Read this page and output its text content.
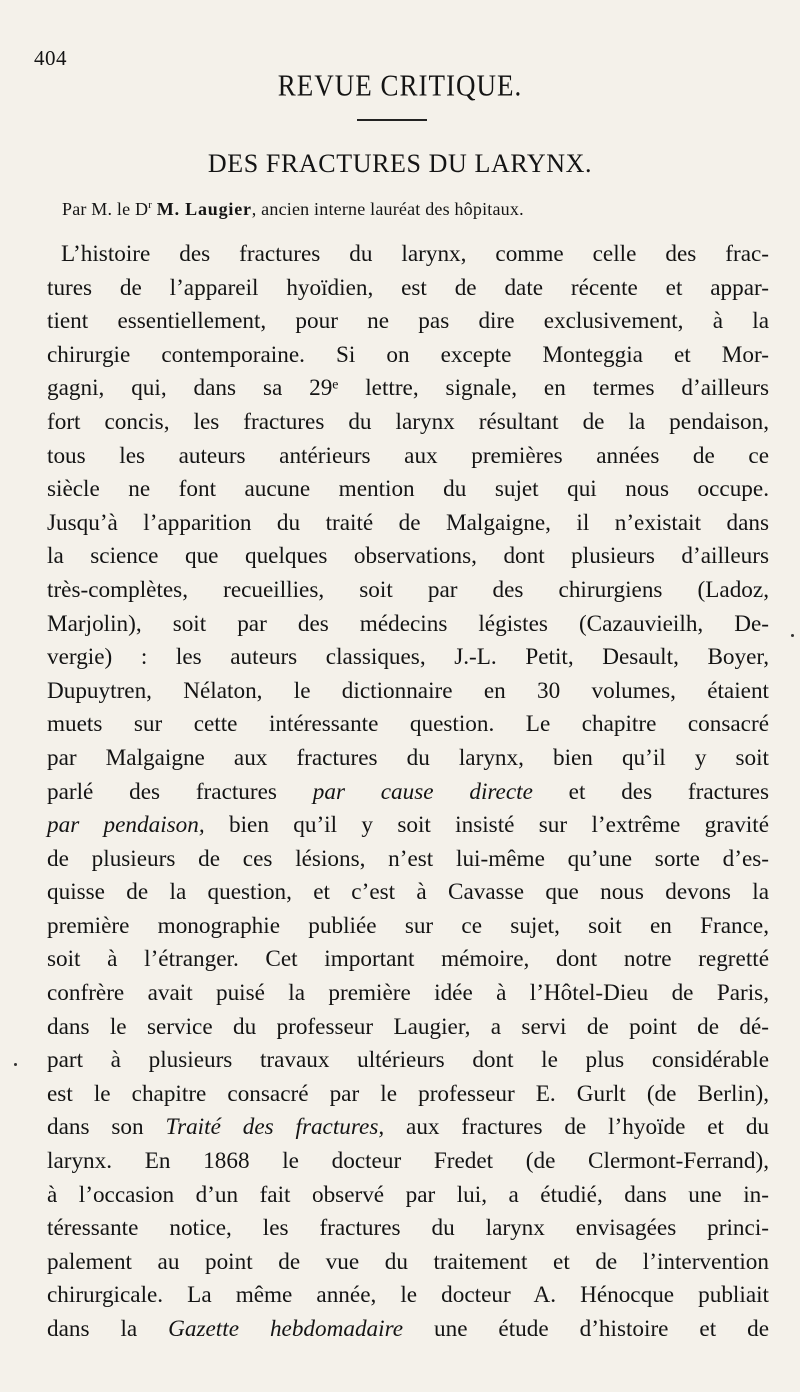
404
REVUE CRITIQUE.
DES FRACTURES DU LARYNX.
Par M. le $D^r$ M. Laugier, ancien interne lauréat des hôpitaux.
L’histoire des fractures du larynx, comme celle des frac-
tures de l’appareil hyoïdien, est de date récente et appar-
tient essentiellement, pour ne pas dire exclusivement, à la
chirurgie contemporaine. Si on excepte Monteggia et Mor-
gagni, qui, dans sa 29ᵉ lettre, signale, en termes d’ailleurs
fort concis, les fractures du larynx résultant de la pendaison,
tous les auteurs antérieurs aux premières années de ce
siècle ne font aucune mention du sujet qui nous occupe.
Jusqu’à l’apparition du traité de Malgaigne, il n’existait dans
la science que quelques observations, dont plusieurs d’ailleurs
très-complètes, recueillies, soit par des chirurgiens (Ladoz,
Marjolin), soit par des médecins légistes (Cazauvieilh, De-
vergie) : les auteurs classiques, J.-L. Petit, Desault, Boyer,
Dupuytren, Nélaton, le dictionnaire en 30 volumes, étaient
muets sur cette intéressante question. Le chapitre consacré
par Malgaigne aux fractures du larynx, bien qu’il y soit
parlé des fractures par cause directe et des fractures
par pendaison, bien qu’il y soit insisté sur l’extrême gravité
de plusieurs de ces lésions, n’est lui-même qu’une sorte d’es-
quisse de la question, et c’est à Cavasse que nous devons la
première monographie publiée sur ce sujet, soit en France,
soit à l’étranger. Cet important mémoire, dont notre regretté
confrère avait puisé la première idée à l’Hôtel-Dieu de Paris,
dans le service du professeur Laugier, a servi de point de dé-
part à plusieurs travaux ultérieurs dont le plus considérable
est le chapitre consacré par le professeur E. Gurlt (de Berlin),
dans son Traité des fractures, aux fractures de l’hyoïde et du
larynx. En 1868 le docteur Fredet (de Clermont-Ferrand),
à l’occasion d’un fait observé par lui, a étudié, dans une in-
téressante notice, les fractures du larynx envisagées princi-
palement au point de vue du traitement et de l’intervention
chirurgicale. La même année, le docteur A. Hénocque publiait
dans la Gazette hebdomadaire une étude d’histoire et de
